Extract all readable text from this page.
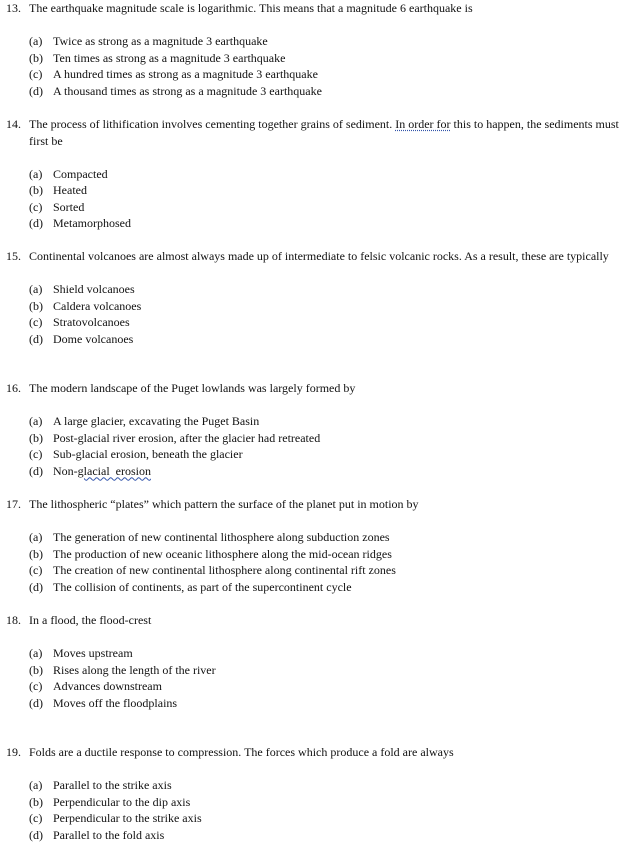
13. The earthquake magnitude scale is logarithmic. This means that a magnitude 6 earthquake is
(a) Twice as strong as a magnitude 3 earthquake
(b) Ten times as strong as a magnitude 3 earthquake
(c) A hundred times as strong as a magnitude 3 earthquake
(d) A thousand times as strong as a magnitude 3 earthquake
14. The process of lithification involves cementing together grains of sediment. In order for this to happen, the sediments must first be
(a) Compacted
(b) Heated
(c) Sorted
(d) Metamorphosed
15. Continental volcanoes are almost always made up of intermediate to felsic volcanic rocks. As a result, these are typically
(a) Shield volcanoes
(b) Caldera volcanoes
(c) Stratovolcanoes
(d) Dome volcanoes
16. The modern landscape of the Puget lowlands was largely formed by
(a) A large glacier, excavating the Puget Basin
(b) Post-glacial river erosion, after the glacier had retreated
(c) Sub-glacial erosion, beneath the glacier
(d) Non-glacial  erosion
17. The lithospheric “plates” which pattern the surface of the planet put in motion by
(a) The generation of new continental lithosphere along subduction zones
(b) The production of new oceanic lithosphere along the mid-ocean ridges
(c) The creation of new continental lithosphere along continental rift zones
(d) The collision of continents, as part of the supercontinent cycle
18. In a flood, the flood-crest
(a) Moves upstream
(b) Rises along the length of the river
(c) Advances downstream
(d) Moves off the floodplains
19. Folds are a ductile response to compression. The forces which produce a fold are always
(a) Parallel to the strike axis
(b) Perpendicular to the dip axis
(c) Perpendicular to the strike axis
(d) Parallel to the fold axis
